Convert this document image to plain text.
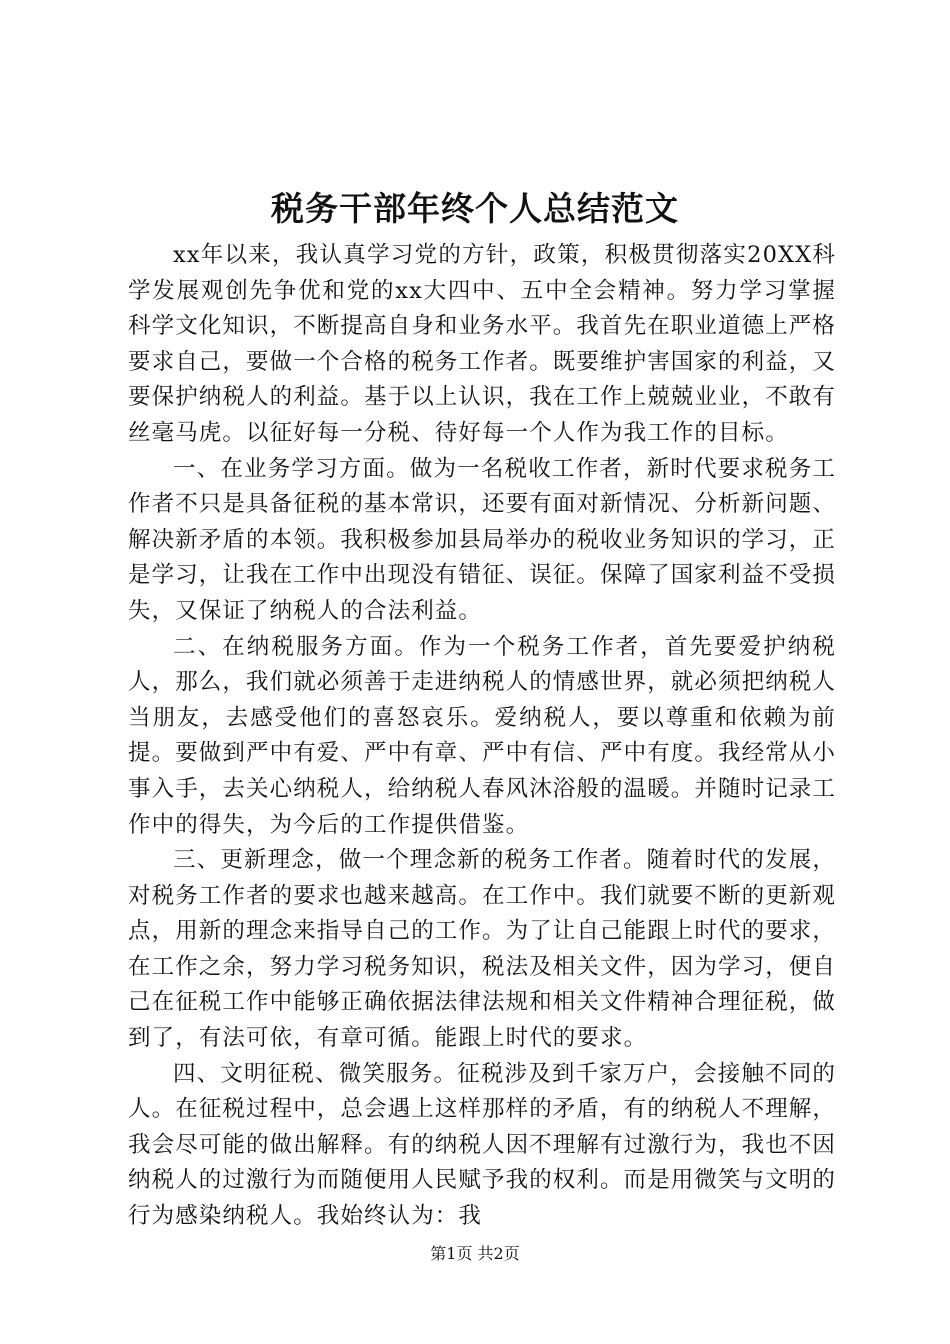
税务干部年终个人总结范文

xx年以来，我认真学习党的方针，政策，积极贯彻落实20XX科学发展观创先争优和党的xx大四中、五中全会精神。努力学习掌握科学文化知识，不断提高自身和业务水平。我首先在职业道德上严格要求自己，要做一个合格的税务工作者。既要维护害国家的利益，又要保护纳税人的利益。基于以上认识，我在工作上兢兢业业，不敢有丝毫马虎。以征好每一分税、待好每一个人作为我工作的目标。

一、在业务学习方面。做为一名税收工作者，新时代要求税务工作者不只是具备征税的基本常识，还要有面对新情况、分析新问题、解决新矛盾的本领。我积极参加县局举办的税收业务知识的学习，正是学习，让我在工作中出现没有错征、误征。保障了国家利益不受损失，又保证了纳税人的合法利益。

二、在纳税服务方面。作为一个税务工作者，首先要爱护纳税人，那么，我们就必须善于走进纳税人的情感世界，就必须把纳税人当朋友，去感受他们的喜怒哀乐。爱纳税人，要以尊重和依赖为前提。要做到严中有爱、严中有章、严中有信、严中有度。我经常从小事入手，去关心纳税人，给纳税人春风沐浴般的温暖。并随时记录工作中的得失，为今后的工作提供借鉴。

三、更新理念，做一个理念新的税务工作者。随着时代的发展，对税务工作者的要求也越来越高。在工作中。我们就要不断的更新观点，用新的理念来指导自己的工作。为了让自己能跟上时代的要求，在工作之余，努力学习税务知识，税法及相关文件，因为学习，便自己在征税工作中能够正确依据法律法规和相关文件精神合理征税，做到了，有法可依，有章可循。能跟上时代的要求。

四、文明征税、微笑服务。征税涉及到千家万户，会接触不同的人。在征税过程中，总会遇上这样那样的矛盾，有的纳税人不理解，我会尽可能的做出解释。有的纳税人因不理解有过激行为，我也不因纳税人的过激行为而随便用人民赋予我的权利。而是用微笑与文明的行为感染纳税人。我始终认为：我

第1页 共2页
